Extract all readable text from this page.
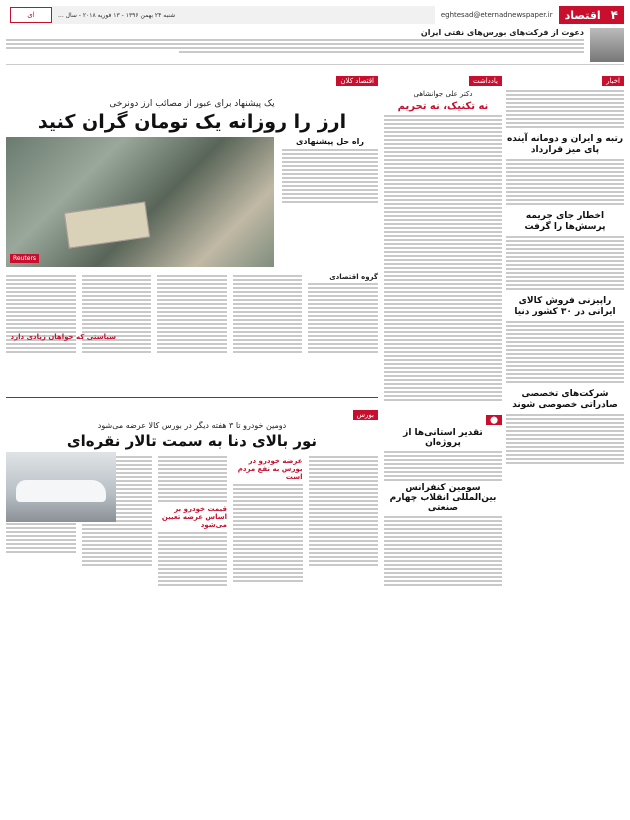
۴
اقتصاد
eghtesad@eternadnewspaper.ir
شنبه ۲۴ بهمن ۱۳۹۶ - ۱۳ فوریه ۲۰۱۸ - سال ...
ای
دعوت از فرکت‌های بورس‌های نفتی ایران
اخبار
رتبه و ایران و دومانه آینده پای میز قرارداد
اخطار جای جریمه پرسش‌ها را گرفت
راپیزنی فروش کالای ایرانی در ۳۰ کشور دنیا
شرکت‌های تخصصی صادراتی خصوصی شوند
یادداشت
دکتر علی جوانشاهی
نه تکنیک، نه تحریم
⬤
تقدیر استانی‌ها از پروژه‌ان
سومین کنفرانس بین‌المللی انقلاب چهارم صنعتی
اقتصاد کلان
یک پیشنهاد برای عبور از مصائب ارز دونرخی
ارز را روزانه یک تومان گران کنید
Reuters
راه حل پیشنهادی
گروه اقتصادی
بورس
دومین خودرو تا ۳ هفته دیگر در بورس کالا عرضه می‌شود
نور بالای دنا به سمت تالار نقره‌ای
عرضه خودرو در بورس به نفع مردم است
قیمت خودرو بر اساس عرضه تعیین می‌شود
سیاستی که خواهان زیادی دارد
